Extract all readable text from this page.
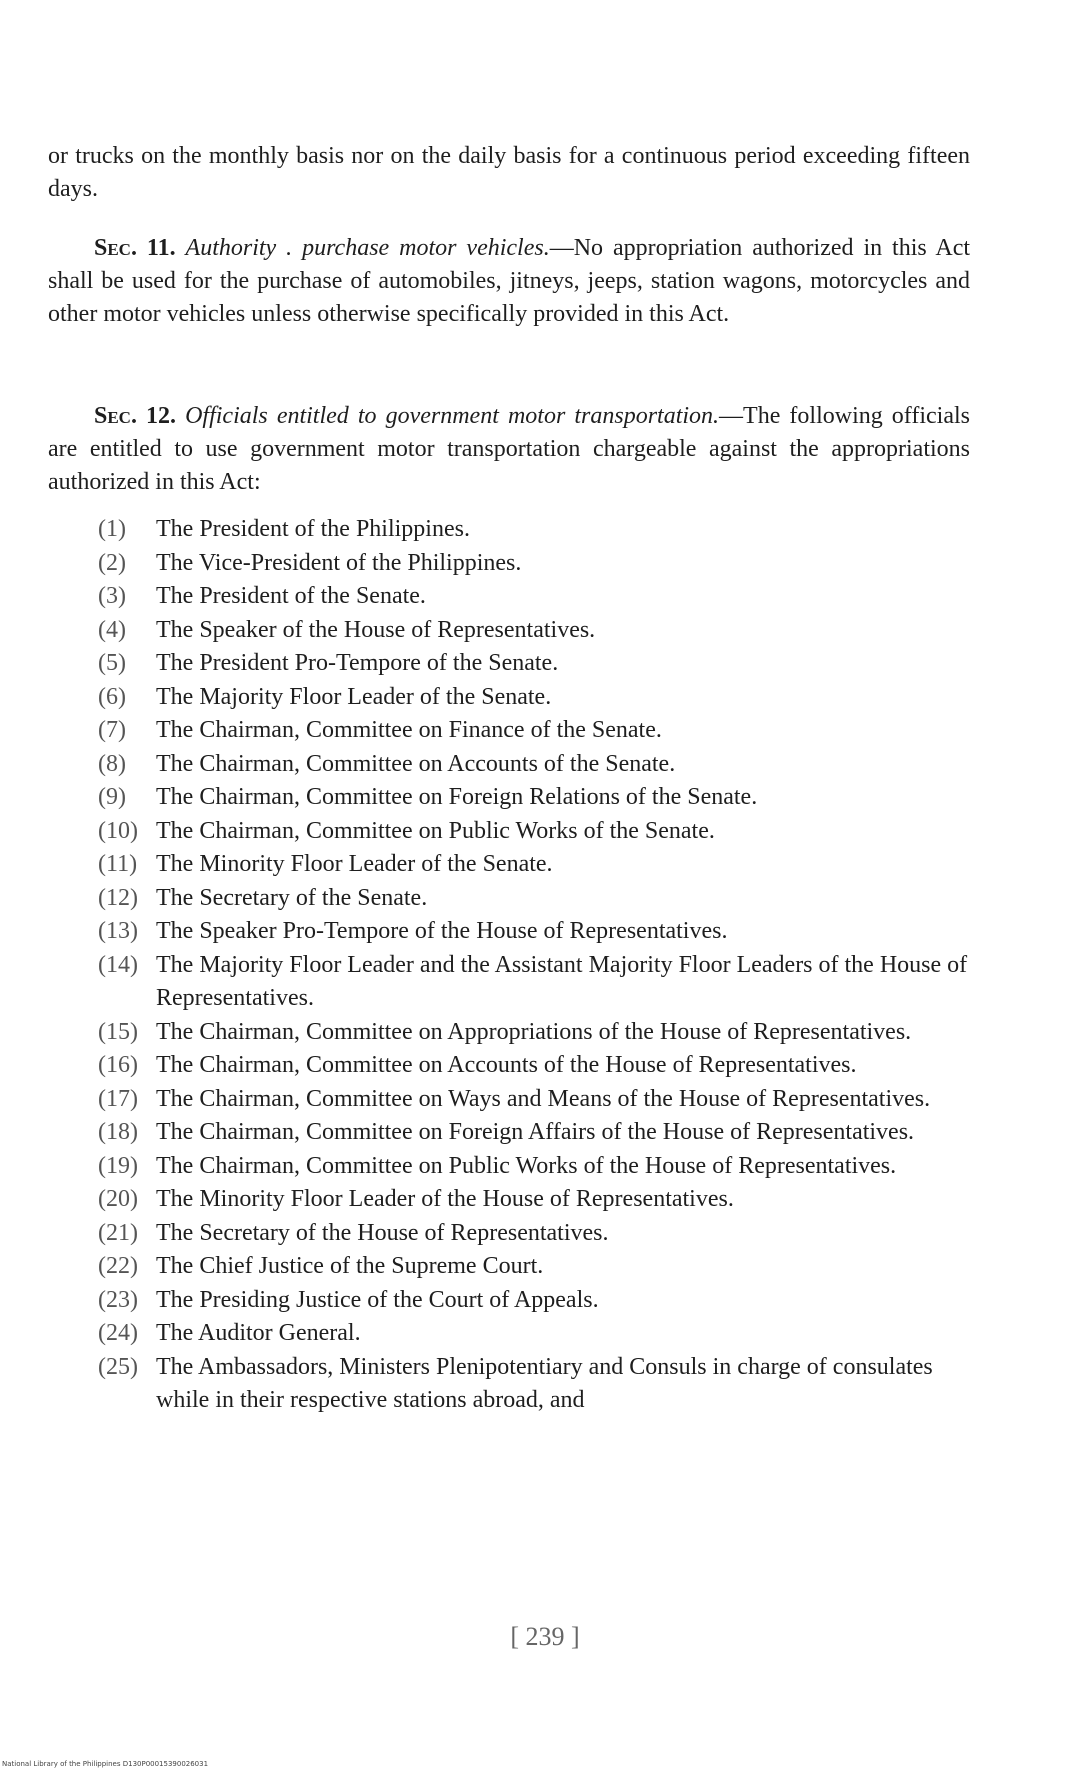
or trucks on the monthly basis nor on the daily basis for a continuous period exceeding fifteen days.

Sec. 11. Authority . purchase motor vehicles.—No appropriation authorized in this Act shall be used for the purchase of automobiles, jitneys, jeeps, station wagons, motorcycles and other motor vehicles unless otherwise specifically provided in this Act.

Sec. 12. Officials entitled to government motor transportation.—The following officials are entitled to use government motor transportation chargeable against the appropriations authorized in this Act:

(1)	The President of the Philippines.
(2)	The Vice-President of the Philippines.
(3)	The President of the Senate.
(4)	The Speaker of the House of Representatives.
(5)	The President Pro-Tempore of the Senate.
(6)	The Majority Floor Leader of the Senate.
(7)	The Chairman, Committee on Finance of the Senate.
(8)	The Chairman, Committee on Accounts of the Senate.
(9)	The Chairman, Committee on Foreign Relations of the Senate.
(10) The Chairman, Committee on Public Works of the Senate.
(11) The Minority Floor Leader of the Senate.
(12) The Secretary of the Senate.
(13) The Speaker Pro-Tempore of the House of Representatives.
(14) The Majority Floor Leader and the Assistant Majority Floor Leaders of the House of Representatives.
(15) The Chairman, Committee on Appropriations of the House of Representatives.
(16) The Chairman, Committee on Accounts of the House of Representatives.
(17) The Chairman, Committee on Ways and Means of the House of Representatives.
(18) The Chairman, Committee on Foreign Affairs of the House of Representatives.
(19) The Chairman, Committee on Public Works of the House of Representatives.
(20) The Minority Floor Leader of the House of Representatives.
(21) The Secretary of the House of Representatives.
(22) The Chief Justice of the Supreme Court.
(23) The Presiding Justice of the Court of Appeals.
(24) The Auditor General.
(25) The Ambassadors, Ministers Plenipotentiary and Consuls in charge of consulates while in their respective stations abroad, and
[ 239 ]
National Library of the Philippines D130P00015390026031
